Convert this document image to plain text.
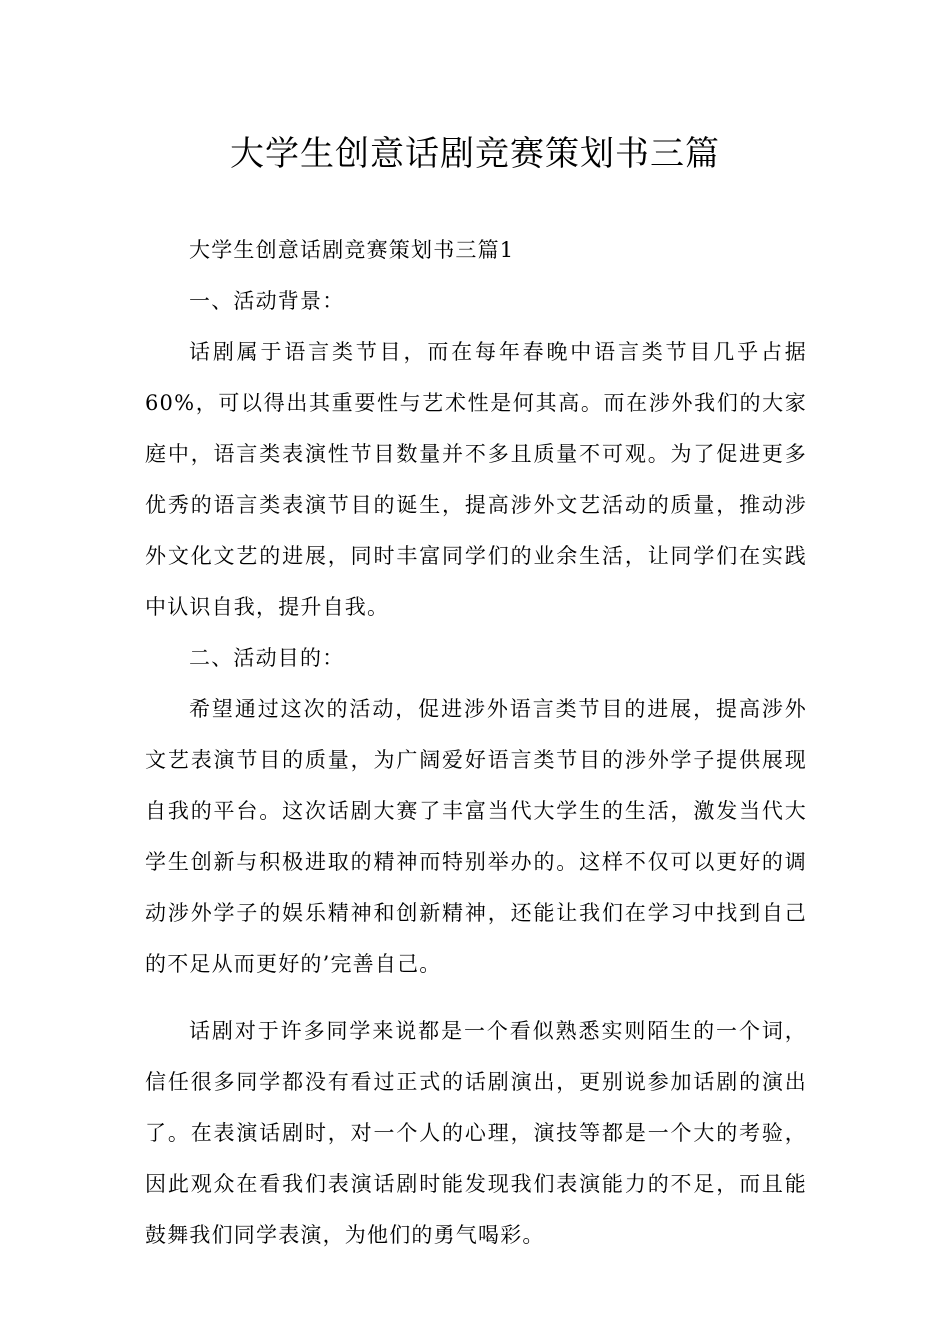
大学生创意话剧竞赛策划书三篇

大学生创意话剧竞赛策划书三篇1

一、活动背景：

话剧属于语言类节目，而在每年春晚中语言类节目几乎占据60%，可以得出其重要性与艺术性是何其高。而在涉外我们的大家庭中，语言类表演性节目数量并不多且质量不可观。为了促进更多优秀的语言类表演节目的诞生，提高涉外文艺活动的质量，推动涉外文化文艺的进展，同时丰富同学们的业余生活，让同学们在实践中认识自我，提升自我。

二、活动目的：

希望通过这次的活动，促进涉外语言类节目的进展，提高涉外文艺表演节目的质量，为广阔爱好语言类节目的涉外学子提供展现自我的平台。这次话剧大赛了丰富当代大学生的生活，激发当代大学生创新与积极进取的精神而特别举办的。这样不仅可以更好的调动涉外学子的娱乐精神和创新精神，还能让我们在学习中找到自己的不足从而更好的’完善自己。

话剧对于许多同学来说都是一个看似熟悉实则陌生的一个词，信任很多同学都没有看过正式的话剧演出，更别说参加话剧的演出了。在表演话剧时，对一个人的心理，演技等都是一个大的考验，因此观众在看我们表演话剧时能发现我们表演能力的不足，而且能鼓舞我们同学表演，为他们的勇气喝彩。
